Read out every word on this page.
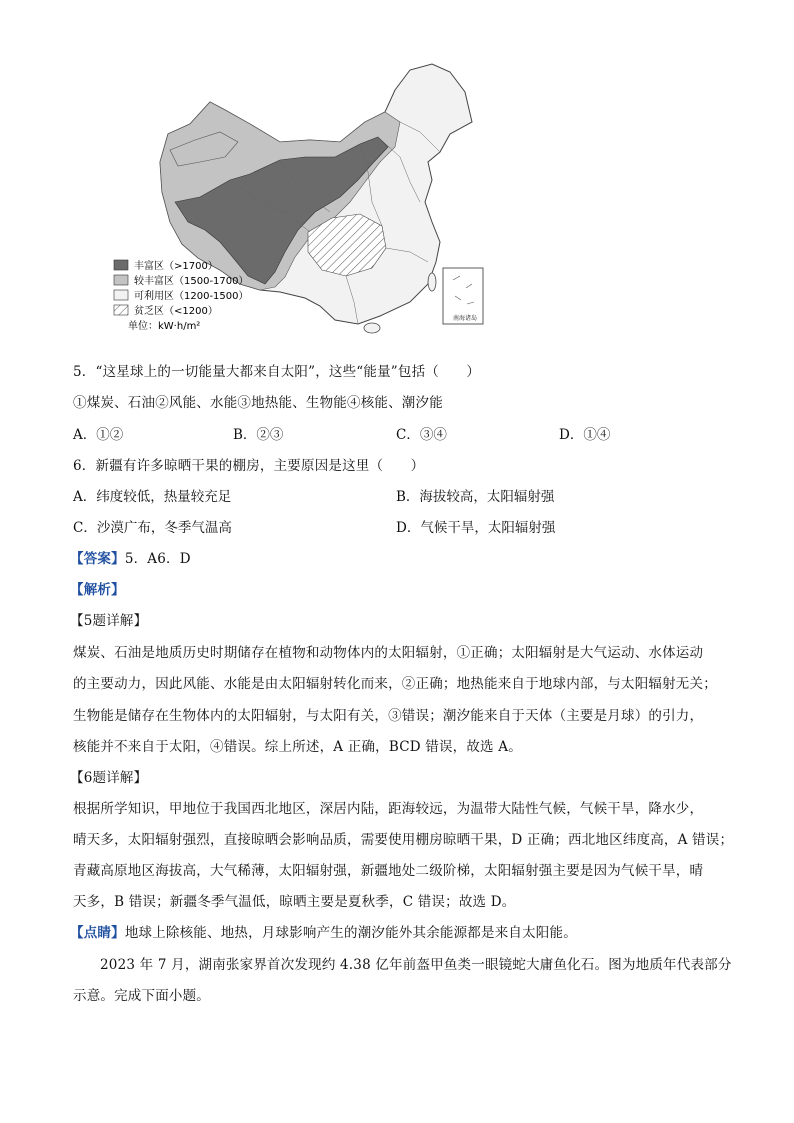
南海诸岛
丰富区（>1700）
较丰富区（1500-1700）
可利用区（1200-1500）
贫乏区（<1200）
单位：kW·h/m²
5．“这星球上的一切能量大都来自太阳”，这些“能量”包括（　　）
①煤炭、石油②风能、水能③地热能、生物能④核能、潮汐能
A．①②	B．②③	C．③④	D．①④
6．新疆有许多晾晒干果的棚房，主要原因是这里（　　）
A．纬度较低，热量较充足	B．海拔较高，太阳辐射强
C．沙漠广布，冬季气温高	D．气候干旱，太阳辐射强
【答案】5．A6．D
【解析】
【5题详解】
煤炭、石油是地质历史时期储存在植物和动物体内的太阳辐射，①正确；太阳辐射是大气运动、水体运动
的主要动力，因此风能、水能是由太阳辐射转化而来，②正确；地热能来自于地球内部，与太阳辐射无关；
生物能是储存在生物体内的太阳辐射，与太阳有关，③错误；潮汐能来自于天体（主要是月球）的引力，
核能并不来自于太阳，④错误。综上所述，A 正确，BCD 错误，故选 A。
【6题详解】
根据所学知识，甲地位于我国西北地区，深居内陆，距海较远，为温带大陆性气候，气候干旱，降水少，
晴天多，太阳辐射强烈，直接晾晒会影响品质，需要使用棚房晾晒干果，D 正确；西北地区纬度高，A 错误；
青藏高原地区海拔高，大气稀薄，太阳辐射强，新疆地处二级阶梯，太阳辐射强主要是因为气候干旱，晴
天多，B 错误；新疆冬季气温低，晾晒主要是夏秋季，C 错误；故选 D。
【点睛】地球上除核能、地热，月球影响产生的潮汐能外其余能源都是来自太阳能。
2023 年 7 月，湖南张家界首次发现约 4.38 亿年前盔甲鱼类一眼镜蛇大庸鱼化石。图为地质年代表部分
示意。完成下面小题。
